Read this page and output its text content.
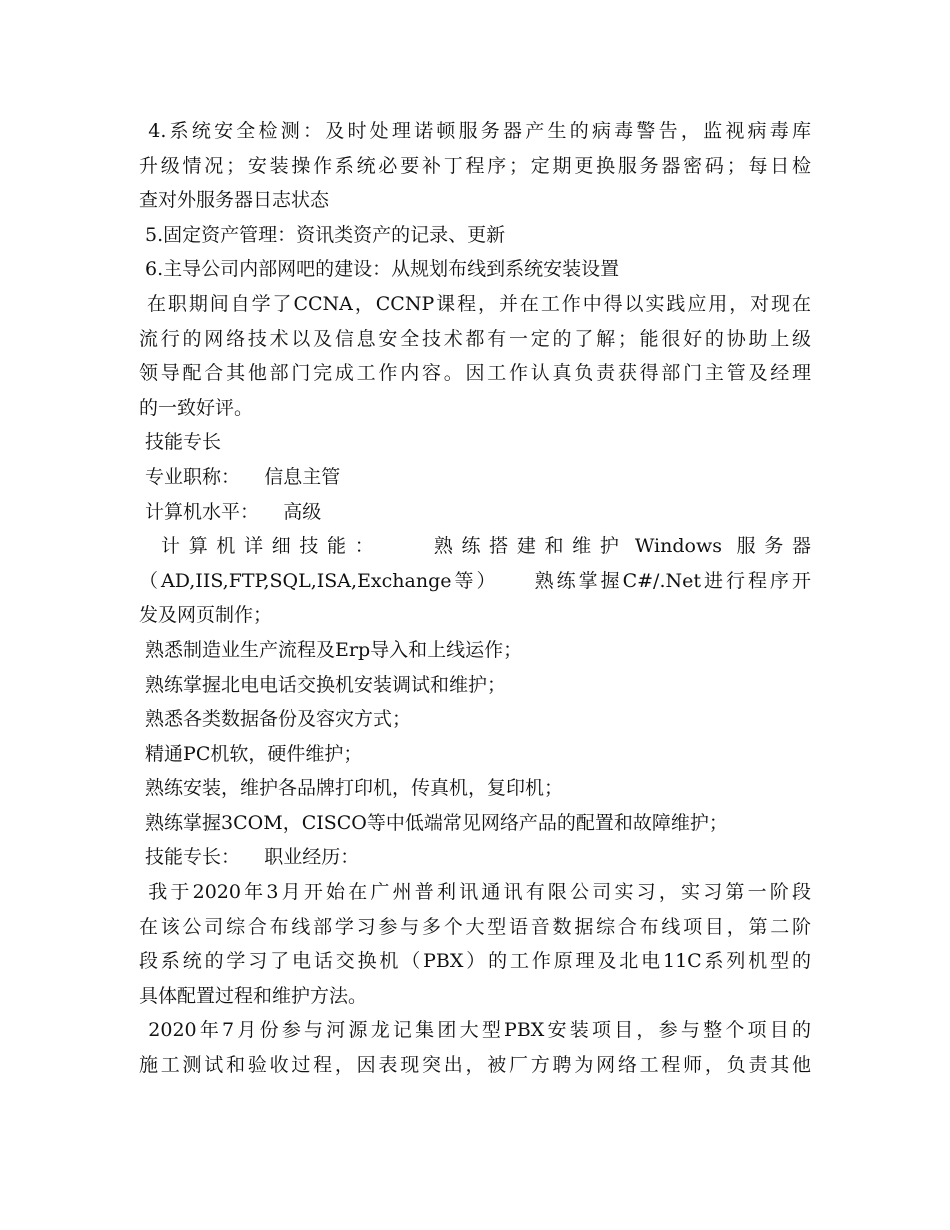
4.系统安全检测：及时处理诺顿服务器产生的病毒警告，监视病毒库
升级情况；安装操作系统必要补丁程序；定期更换服务器密码；每日检
查对外服务器日志状态
5.固定资产管理：资讯类资产的记录、更新
6.主导公司内部网吧的建设：从规划布线到系统安装设置
在职期间自学了CCNA，CCNP课程，并在工作中得以实践应用，对现在
流行的网络技术以及信息安全技术都有一定的了解；能很好的协助上级
领导配合其他部门完成工作内容。因工作认真负责获得部门主管及经理
的一致好评。
技能专长
专业职称：    信息主管
计算机水平：    高级
计 算 机 详 细 技 能 ：        熟 练 搭 建 和 维 护  Windows  服 务 器
（AD,IIS,FTP,SQL,ISA,Exchange等）    熟练掌握C#/.Net进行程序开
发及网页制作；
熟悉制造业生产流程及Erp导入和上线运作；
熟练掌握北电电话交换机安装调试和维护；
熟悉各类数据备份及容灾方式；
精通PC机软，硬件维护；
熟练安装，维护各品牌打印机，传真机，复印机；
熟练掌握3COM，CISCO等中低端常见网络产品的配置和故障维护；
技能专长：    职业经历：
我于2020年3月开始在广州普利讯通讯有限公司实习，实习第一阶段
在该公司综合布线部学习参与多个大型语音数据综合布线项目，第二阶
段系统的学习了电话交换机（PBX）的工作原理及北电11C系列机型的
具体配置过程和维护方法。
2020年7月份参与河源龙记集团大型PBX安装项目，参与整个项目的
施工测试和验收过程，因表现突出，被厂方聘为网络工程师，负责其他
